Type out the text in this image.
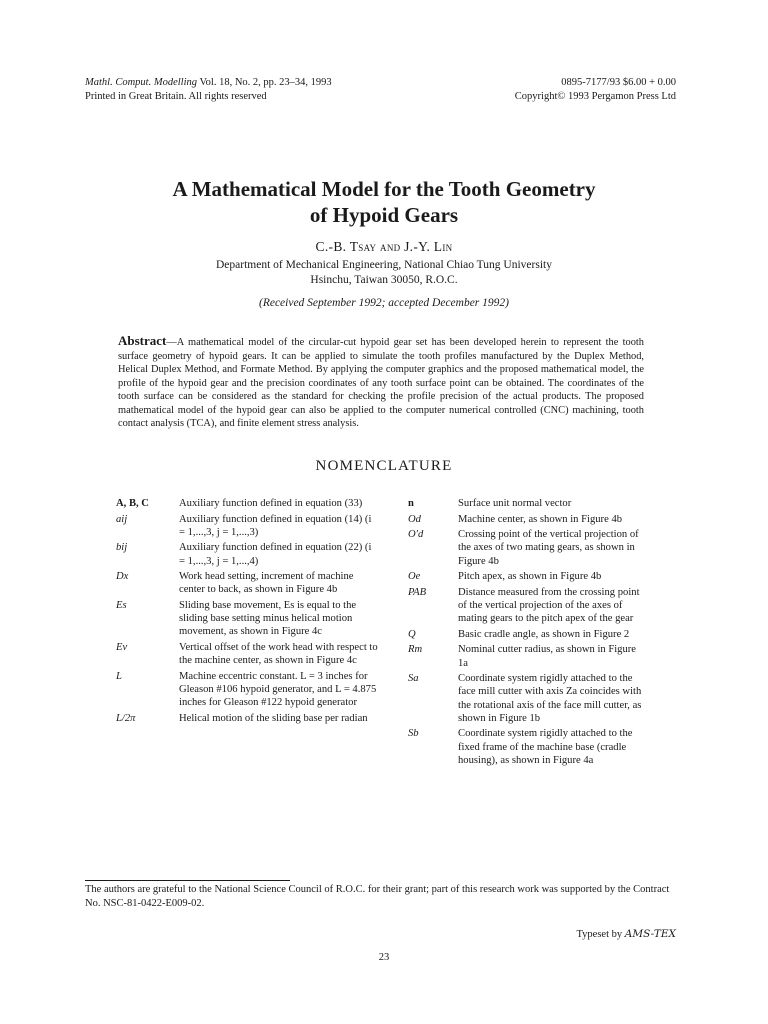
Mathl. Comput. Modelling Vol. 18, No. 2, pp. 23–34, 1993
Printed in Great Britain. All rights reserved
0895-7177/93 $6.00 + 0.00
Copyright© 1993 Pergamon Press Ltd
A Mathematical Model for the Tooth Geometry
of Hypoid Gears
C.-B. Tsay and J.-Y. Lin
Department of Mechanical Engineering, National Chiao Tung University
Hsinchu, Taiwan 30050, R.O.C.
(Received September 1992; accepted December 1992)
Abstract—A mathematical model of the circular-cut hypoid gear set has been developed herein to represent the tooth surface geometry of hypoid gears. It can be applied to simulate the tooth profiles manufactured by the Duplex Method, Helical Duplex Method, and Formate Method. By applying the computer graphics and the proposed mathematical model, the profile of the hypoid gear and the precision coordinates of any tooth surface point can be obtained. The coordinates of the tooth surface can be considered as the standard for checking the profile precision of the actual products. The proposed mathematical model of the hypoid gear can also be applied to the computer numerical controlled (CNC) machining, tooth contact analysis (TCA), and finite element stress analysis.
NOMENCLATURE
A, B, C	Auxiliary function defined in equation (33)
aij	Auxiliary function defined in equation (14) (i = 1,...,3, j = 1,...,3)
bij	Auxiliary function defined in equation (22) (i = 1,...,3, j = 1,...,4)
Dx	Work head setting, increment of machine center to back, as shown in Figure 4b
Es	Sliding base movement, Es is equal to the sliding base setting minus helical motion movement, as shown in Figure 4c
Ev	Vertical offset of the work head with respect to the machine center, as shown in Figure 4c
L	Machine eccentric constant. L = 3 inches for Gleason #106 hypoid generator, and L = 4.875 inches for Gleason #122 hypoid generator
L/2π	Helical motion of the sliding base per radian
n	Surface unit normal vector
Od	Machine center, as shown in Figure 4b
O′d	Crossing point of the vertical projection of the axes of two mating gears, as shown in Figure 4b
Oe	Pitch apex, as shown in Figure 4b
PAB	Distance measured from the crossing point of the vertical projection of the axes of mating gears to the pitch apex of the gear
Q	Basic cradle angle, as shown in Figure 2
Rm	Nominal cutter radius, as shown in Figure 1a
Sa	Coordinate system rigidly attached to the face mill cutter with axis Za coincides with the rotational axis of the face mill cutter, as shown in Figure 1b
Sb	Coordinate system rigidly attached to the fixed frame of the machine base (cradle housing), as shown in Figure 4a
The authors are grateful to the National Science Council of R.O.C. for their grant; part of this research work was supported by the Contract No. NSC-81-0422-E009-02.
Typeset by AMS-TEX
23
